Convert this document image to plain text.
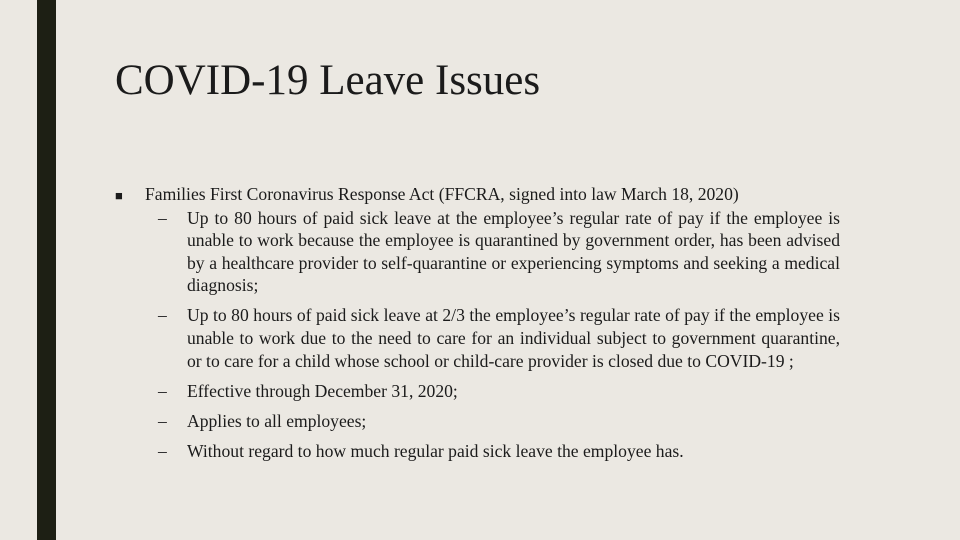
COVID-19 Leave Issues
■ Families First Coronavirus Response Act (FFCRA, signed into law March 18, 2020)
– Up to 80 hours of paid sick leave at the employee’s regular rate of pay if the employee is unable to work because the employee is quarantined by government order, has been advised by a healthcare provider to self-quarantine or experiencing symptoms and seeking a medical diagnosis;
– Up to 80 hours of paid sick leave at 2/3 the employee’s regular rate of pay if the employee is unable to work due to the need to care for an individual subject to government quarantine, or to care for a child whose school or child-care provider is closed due to COVID-19 ;
– Effective through December 31, 2020;
– Applies to all employees;
– Without regard to how much regular paid sick leave the employee has.
